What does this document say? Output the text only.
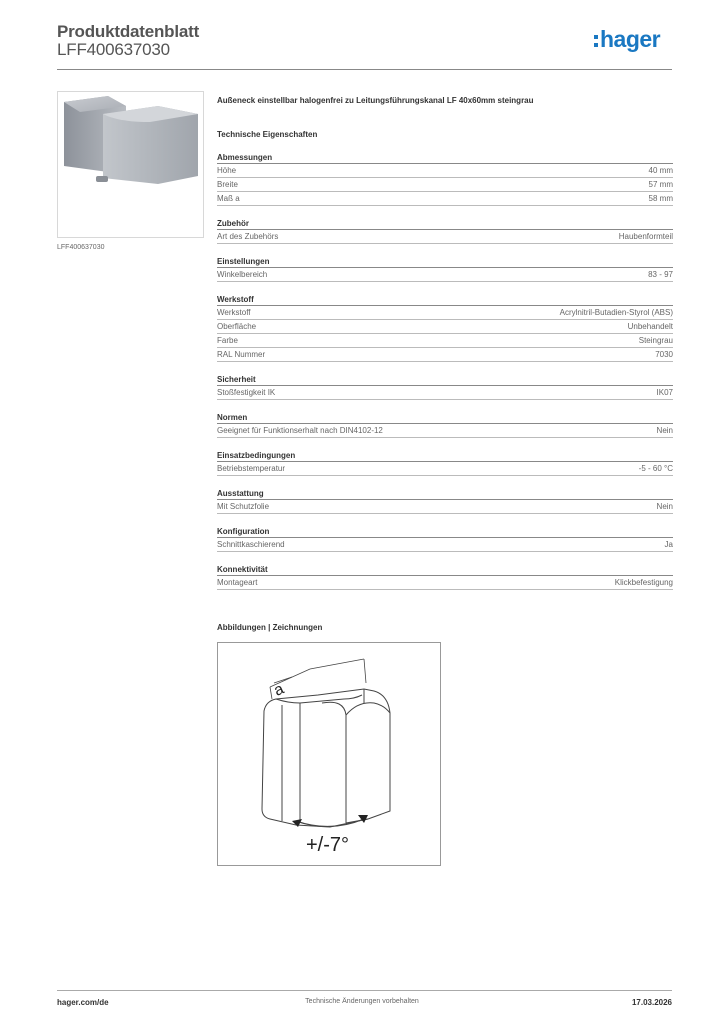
Produktdatenblatt
LFF400637030	hager
LFF400637030
Außeneck einstellbar halogenfrei zu Leitungsführungskanal LF 40x60mm steingrau
Technische Eigenschaften
Abmessungen
Höhe	40 mm
Breite	57 mm
Maß a	58 mm
Zubehör
Art des Zubehörs	Haubenformteil
Einstellungen
Winkelbereich	83 - 97
Werkstoff
Werkstoff	Acrylnitril-Butadien-Styrol (ABS)
Oberfläche	Unbehandelt
Farbe	Steingrau
RAL Nummer	7030
Sicherheit
Stoßfestigkeit IK	IK07
Normen
Geeignet für Funktionserhalt nach DIN4102-12	Nein
Einsatzbedingungen
Betriebstemperatur	-5 - 60 °C
Ausstattung
Mit Schutzfolie	Nein
Konfiguration
Schnittkaschierend	Ja
Konnektivität
Montageart	Klickbefestigung
Abbildungen | Zeichnungen
a
+/-7°
hager.com/de	Technische Änderungen vorbehalten	17.03.2026
